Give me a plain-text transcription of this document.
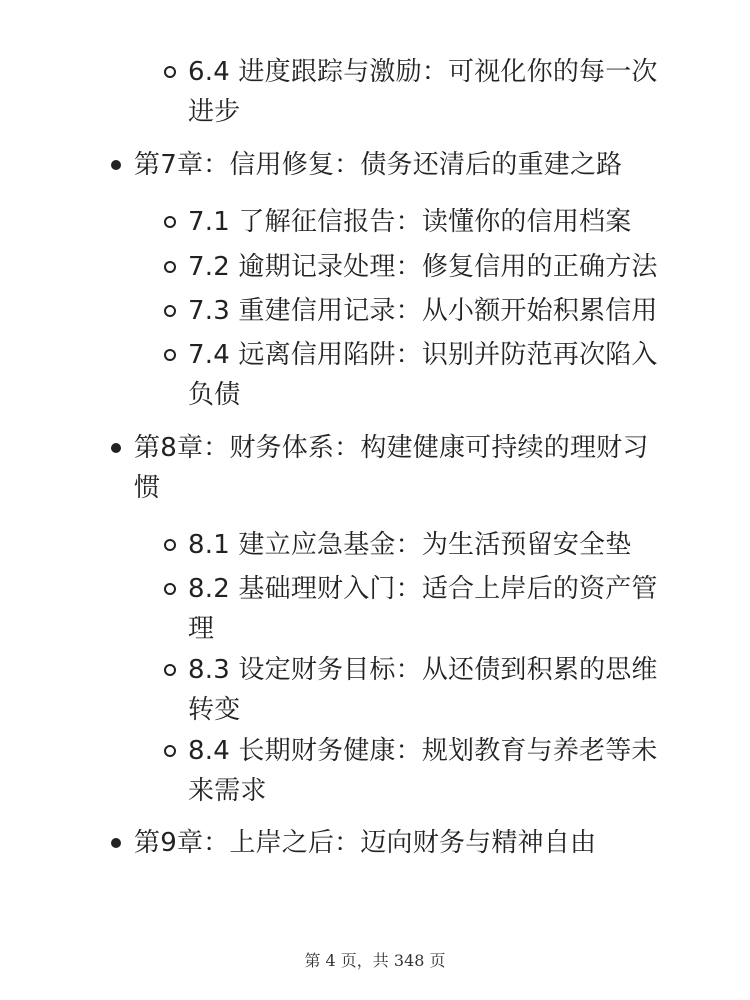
6.4 进度跟踪与激励：可视化你的每一次
进步
第7章：信用修复：债务还清后的重建之路
7.1 了解征信报告：读懂你的信用档案
7.2 逾期记录处理：修复信用的正确方法
7.3 重建信用记录：从小额开始积累信用
7.4 远离信用陷阱：识别并防范再次陷入
负债
第8章：财务体系：构建健康可持续的理财习
惯
8.1 建立应急基金：为生活预留安全垫
8.2 基础理财入门：适合上岸后的资产管
理
8.3 设定财务目标：从还债到积累的思维
转变
8.4 长期财务健康：规划教育与养老等未
来需求
第9章：上岸之后：迈向财务与精神自由
第 4 页，共 348 页
